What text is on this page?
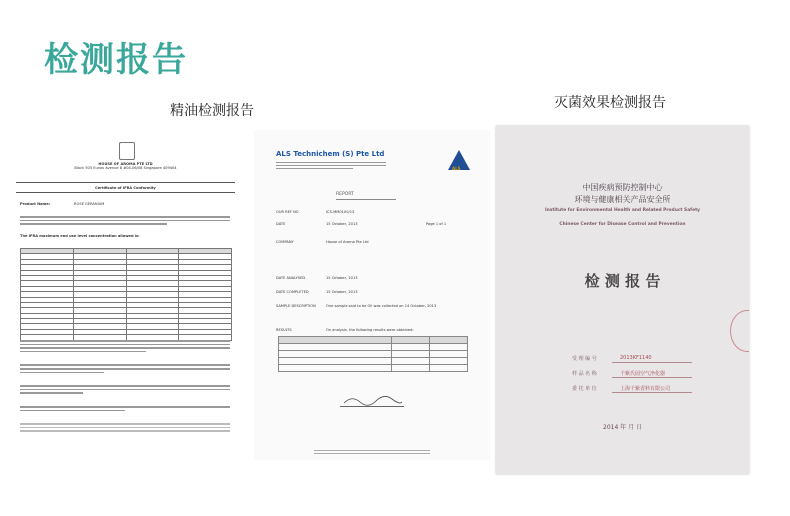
检测报告
精油检测报告	灭菌效果检测报告
HOUSE OF AROMA PTE LTD
Block 505 Eunos Avenue 8 #04-06/08 Singapore 409404
Certificate of IFRA Conformity
Product Name:	ROSE GERANIUM
The IFRA maximum end use level concentration allowed is:

ALS Technichem (S) Pte Ltd
ALS
REPORT
OUR REF NO	ICS-MM0100/13
DATE	15 October, 2013	Page 1 of 1
COMPANY	House of Aroma Pte Ltd
DATE ANALYSED	15 October, 2013
DATE COMPLETED	15 October, 2013
SAMPLE DESCRIPTION	One sample said to be Oil was collected on 14 October, 2013
RESULTS	On analysis, the following results were obtained:

中国疾病预防控制中心
环境与健康相关产品安全所
Institute for Environmental Health and Related Product Safety
Chinese Center for Disease Control and Prevention
检 测 报 告
受 理 编 号	2013KF1140
样 品 名 称	千紫氏园空气净化器
委 托 单 位	上海千紫香料有限公司
2014 年 月 日
